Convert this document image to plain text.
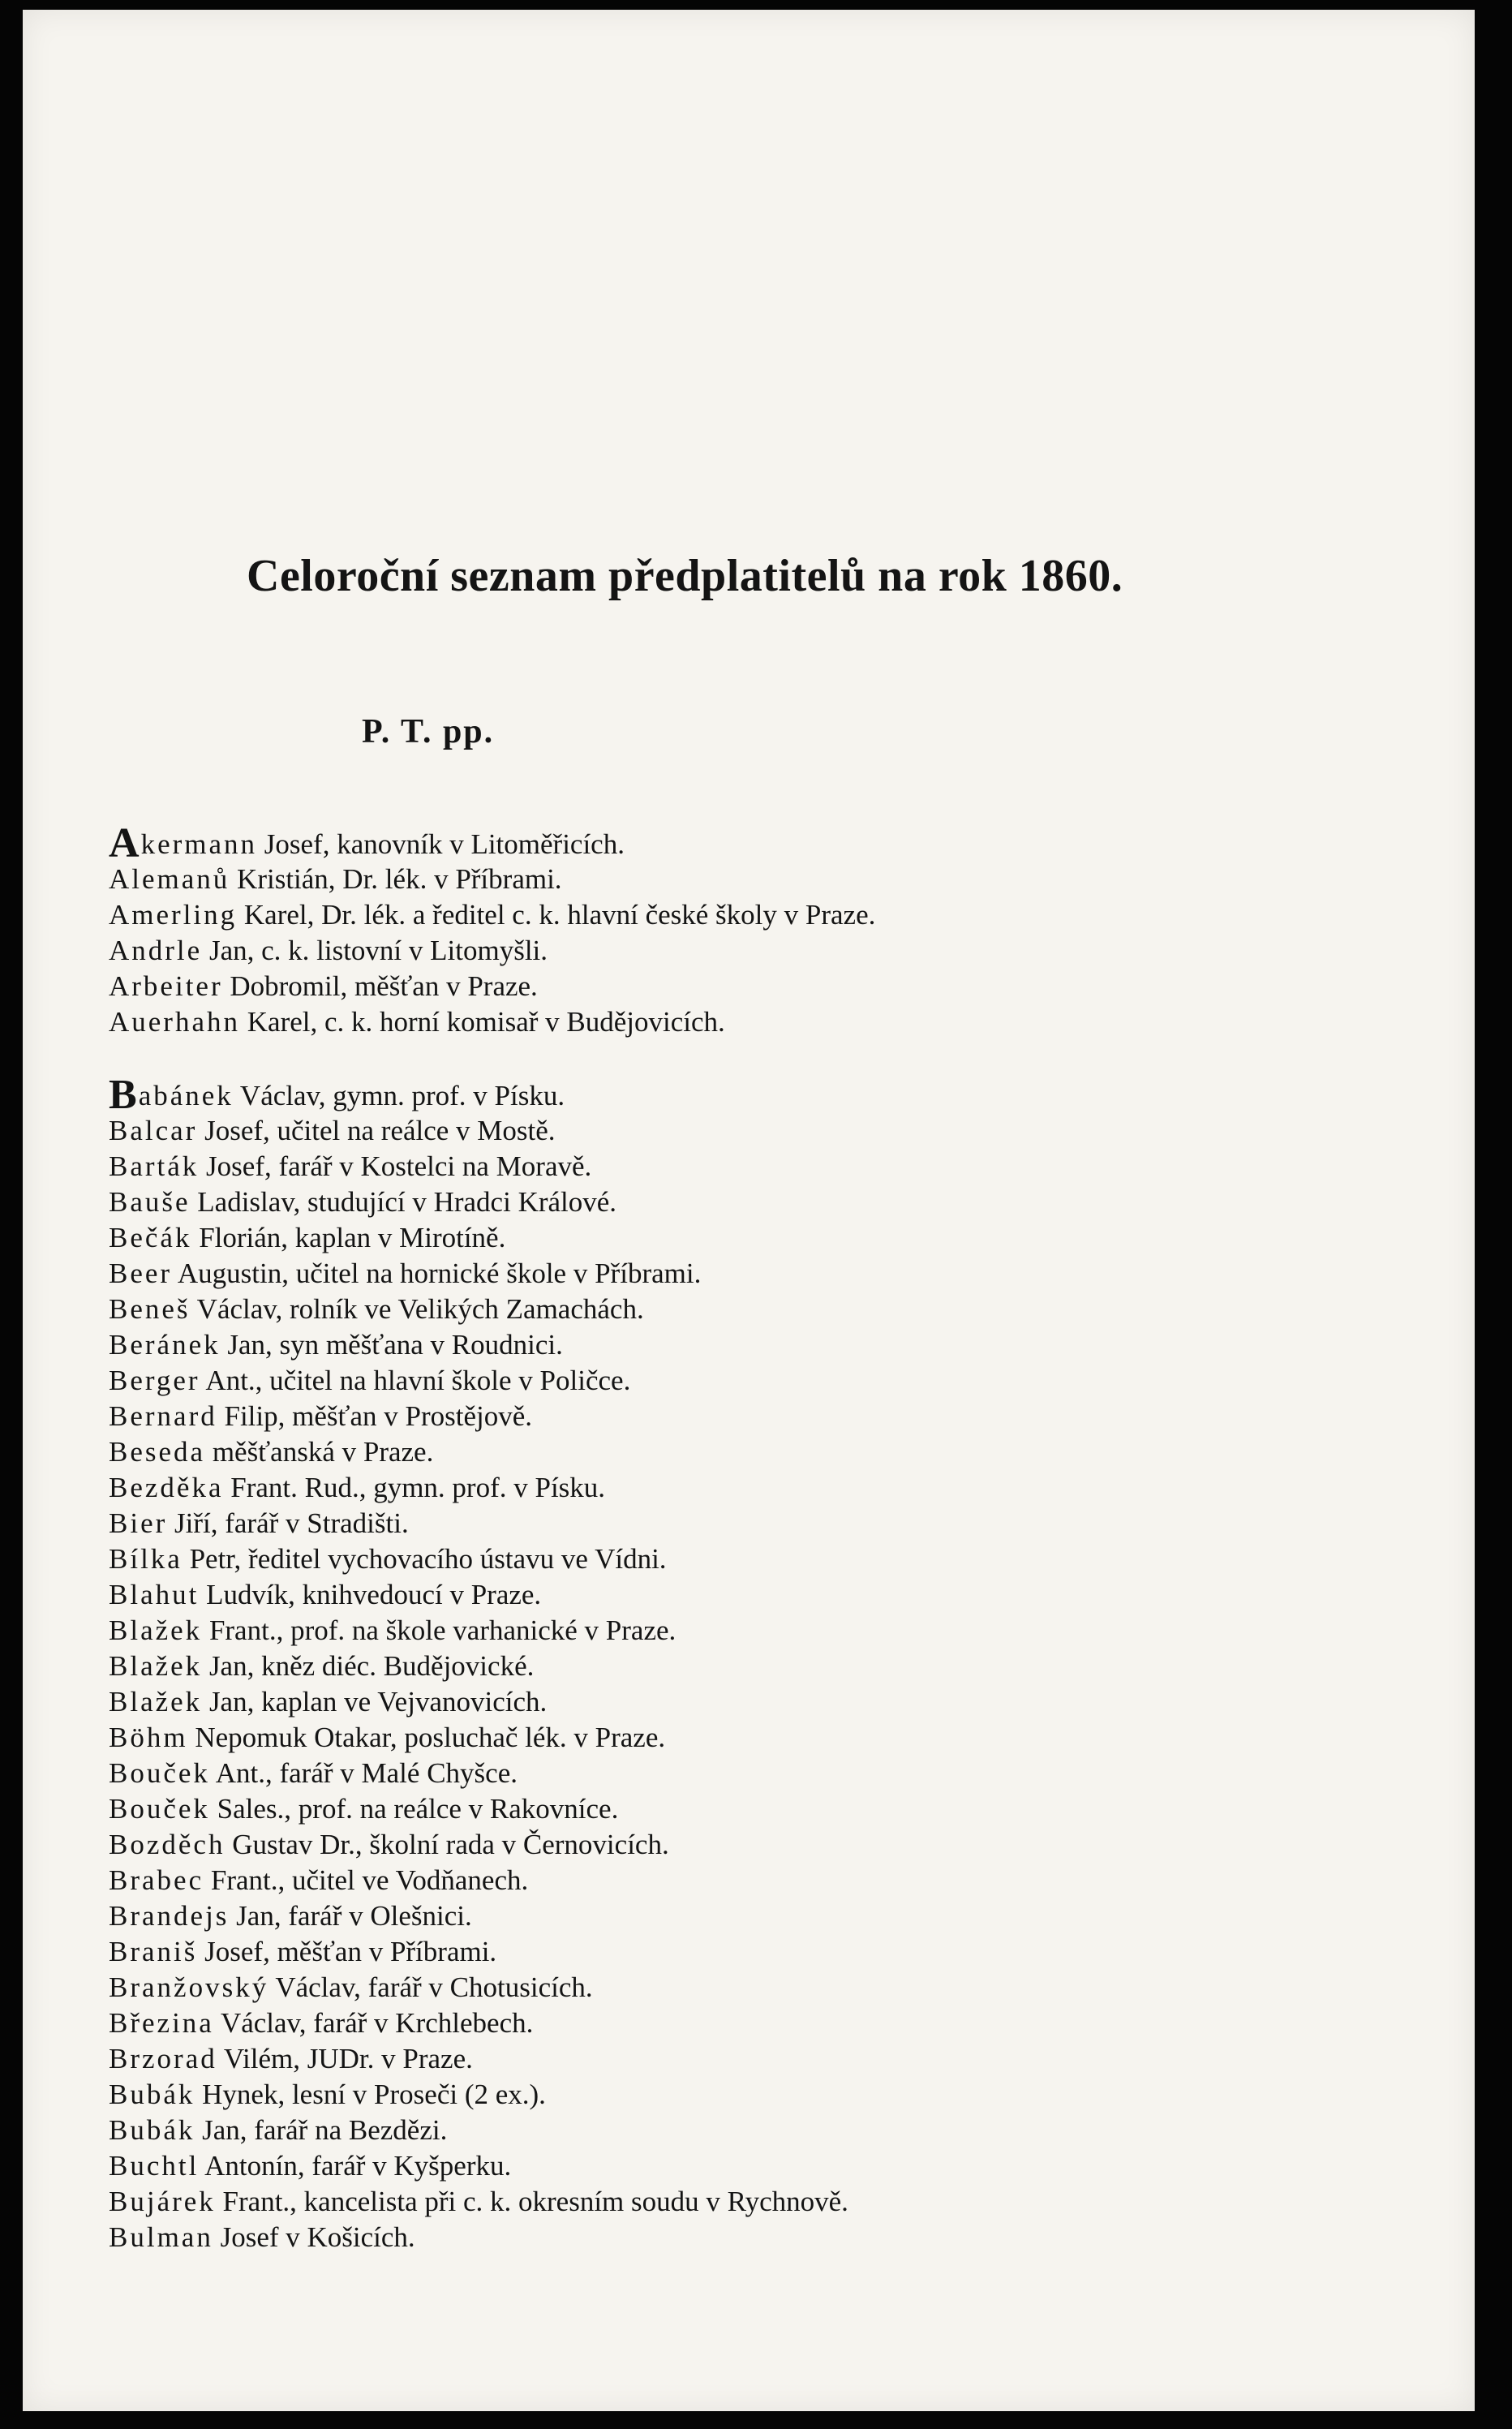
Celoroční seznam předplatitelů na rok 1860.
P. T. pp.
Akermann Josef, kanovník v Litoměřicích.
Alemanů Kristián, Dr. lék. v Příbrami.
Amerling Karel, Dr. lék. a ředitel c. k. hlavní české školy v Praze.
Andrle Jan, c. k. listovní v Litomyšli.
Arbeiter Dobromil, měšťan v Praze.
Auerhahn Karel, c. k. horní komisař v Budějovicích.
Babánek Václav, gymn. prof. v Písku.
Balcar Josef, učitel na reálce v Mostě.
Barták Josef, farář v Kostelci na Moravě.
Bauše Ladislav, studující v Hradci Králové.
Bečák Florián, kaplan v Mirotíně.
Beer Augustin, učitel na hornické škole v Příbrami.
Beneš Václav, rolník ve Velikých Zamachách.
Beránek Jan, syn měšťana v Roudnici.
Berger Ant., učitel na hlavní škole v Poličce.
Bernard Filip, měšťan v Prostějově.
Beseda měšťanská v Praze.
Bezděka Frant. Rud., gymn. prof. v Písku.
Bier Jiří, farář v Stradišti.
Bílka Petr, ředitel vychovacího ústavu ve Vídni.
Blahut Ludvík, knihvedoucí v Praze.
Blažek Frant., prof. na škole varhanické v Praze.
Blažek Jan, kněz diéc. Budějovické.
Blažek Jan, kaplan ve Vejvanovicích.
Böhm Nepomuk Otakar, posluchač lék. v Praze.
Bouček Ant., farář v Malé Chyšce.
Bouček Sales., prof. na reálce v Rakovníce.
Bozděch Gustav Dr., školní rada v Černovicích.
Brabec Frant., učitel ve Vodňanech.
Brandejs Jan, farář v Olešnici.
Braniš Josef, měšťan v Příbrami.
Branžovský Václav, farář v Chotusicích.
Březina Václav, farář v Krchlebech.
Brzorad Vilém, JUDr. v Praze.
Bubák Hynek, lesní v Proseči (2 ex.).
Bubák Jan, farář na Bezdězi.
Buchtl Antonín, farář v Kyšperku.
Bujárek Frant., kancelista při c. k. okresním soudu v Rychnově.
Bulman Josef v Košicích.
